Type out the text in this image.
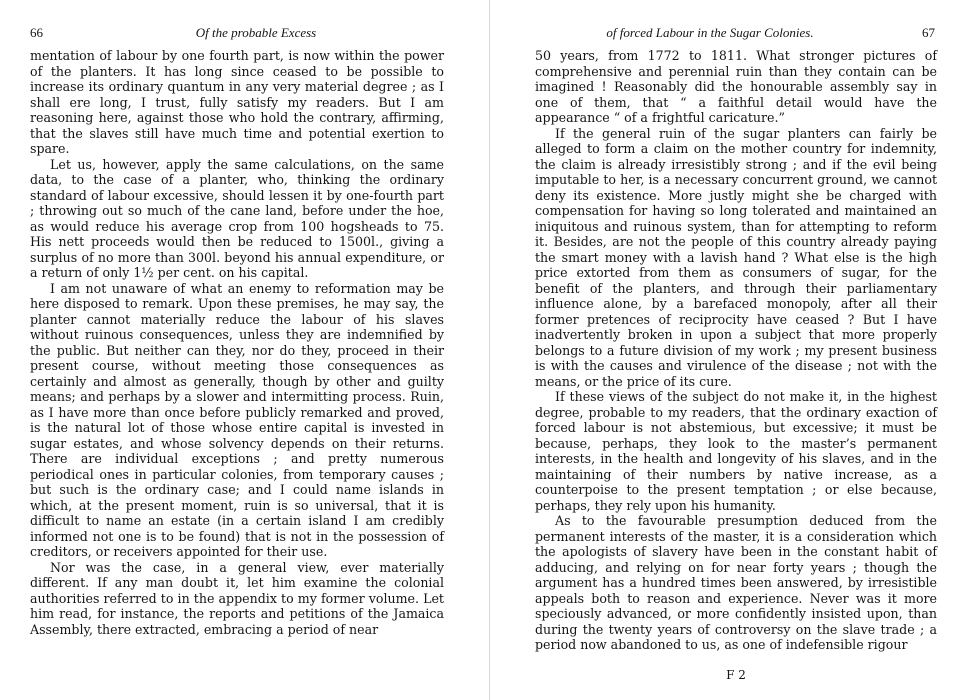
66	Of the probable Excess

mentation of labour by one fourth part, is now within the power of the planters. It has long since ceased to be possible to increase its ordinary quantum in any very material degree ; as I shall ere long, I trust, fully satisfy my readers. But I am reasoning here, against those who hold the contrary, affirming, that the slaves still have much time and potential exertion to spare.

Let us, however, apply the same calculations, on the same data, to the case of a planter, who, thinking the ordinary standard of labour excessive, should lessen it by one-fourth part ; throwing out so much of the cane land, before under the hoe, as would reduce his average crop from 100 hogsheads to 75. His nett proceeds would then be reduced to 1500l., giving a surplus of no more than 300l. beyond his annual expenditure, or a return of only 1½ per cent. on his capital.

I am not unaware of what an enemy to reformation may be here disposed to remark. Upon these premises, he may say, the planter cannot materially reduce the labour of his slaves without ruinous consequences, unless they are indemnified by the public. But neither can they, nor do they, proceed in their present course, without meeting those consequences as certainly and almost as generally, though by other and guilty means; and perhaps by a slower and intermitting process. Ruin, as I have more than once before publicly remarked and proved, is the natural lot of those whose entire capital is invested in sugar estates, and whose solvency depends on their returns. There are individual exceptions ; and pretty numerous periodical ones in particular colonies, from temporary causes ; but such is the ordinary case; and I could name islands in which, at the present moment, ruin is so universal, that it is difficult to name an estate (in a certain island I am credibly informed not one is to be found) that is not in the possession of creditors, or receivers appointed for their use.

Nor was the case, in a general view, ever materially different. If any man doubt it, let him examine the colonial authorities referred to in the appendix to my former volume. Let him read, for instance, the reports and petitions of the Jamaica Assembly, there extracted, embracing a period of near

of forced Labour in the Sugar Colonies.	67

50 years, from 1772 to 1811. What stronger pictures of comprehensive and perennial ruin than they contain can be imagined ! Reasonably did the honourable assembly say in one of them, that “ a faithful detail would have the appearance “ of a frightful caricature.”

If the general ruin of the sugar planters can fairly be alleged to form a claim on the mother country for indemnity, the claim is already irresistibly strong ; and if the evil being imputable to her, is a necessary concurrent ground, we cannot deny its existence. More justly might she be charged with compensation for having so long tolerated and maintained an iniquitous and ruinous system, than for attempting to reform it. Besides, are not the people of this country already paying the smart money with a lavish hand ? What else is the high price extorted from them as consumers of sugar, for the benefit of the planters, and through their parliamentary influence alone, by a barefaced monopoly, after all their former pretences of reciprocity have ceased ? But I have inadvertently broken in upon a subject that more properly belongs to a future division of my work ; my present business is with the causes and virulence of the disease ; not with the means, or the price of its cure.

If these views of the subject do not make it, in the highest degree, probable to my readers, that the ordinary exaction of forced labour is not abstemious, but excessive; it must be because, perhaps, they look to the master’s permanent interests, in the health and longevity of his slaves, and in the maintaining of their numbers by native increase, as a counterpoise to the present temptation ; or else because, perhaps, they rely upon his humanity.

As to the favourable presumption deduced from the permanent interests of the master, it is a consideration which the apologists of slavery have been in the constant habit of adducing, and relying on for near forty years ; though the argument has a hundred times been answered, by irresistible appeals both to reason and experience. Never was it more speciously advanced, or more confidently insisted upon, than during the twenty years of controversy on the slave trade ; a period now abandoned to us, as one of indefensible rigour

F 2
